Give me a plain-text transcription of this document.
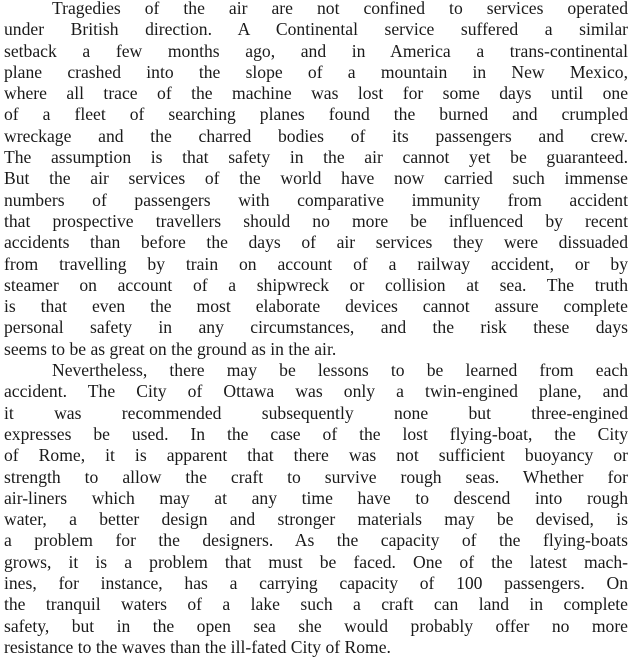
Tragedies of the air are not confined to services operated
under British direction. A Continental service suffered a similar
setback a few months ago, and in America a trans-continental
plane crashed into the slope of a mountain in New Mexico,
where all trace of the machine was lost for some days until one
of a fleet of searching planes found the burned and crumpled
wreckage and the charred bodies of its passengers and crew.
The assumption is that safety in the air cannot yet be guaranteed.
But the air services of the world have now carried such immense
numbers of passengers with comparative immunity from accident
that prospective travellers should no more be influenced by recent
accidents than before the days of air services they were dissuaded
from travelling by train on account of a railway accident, or by
steamer on account of a shipwreck or collision at sea. The truth
is that even the most elaborate devices cannot assure complete
personal safety in any circumstances, and the risk these days
seems to be as great on the ground as in the air.
Nevertheless, there may be lessons to be learned from each
accident. The City of Ottawa was only a twin-engined plane, and
it was recommended subsequently none but three-engined
expresses be used. In the case of the lost flying-boat, the City
of Rome, it is apparent that there was not sufficient buoyancy or
strength to allow the craft to survive rough seas. Whether for
air-liners which may at any time have to descend into rough
water, a better design and stronger materials may be devised, is
a problem for the designers. As the capacity of the flying-boats
grows, it is a problem that must be faced. One of the latest mach-
ines, for instance, has a carrying capacity of 100 passengers. On
the tranquil waters of a lake such a craft can land in complete
safety, but in the open sea she would probably offer no more
resistance to the waves than the ill-fated City of Rome.
